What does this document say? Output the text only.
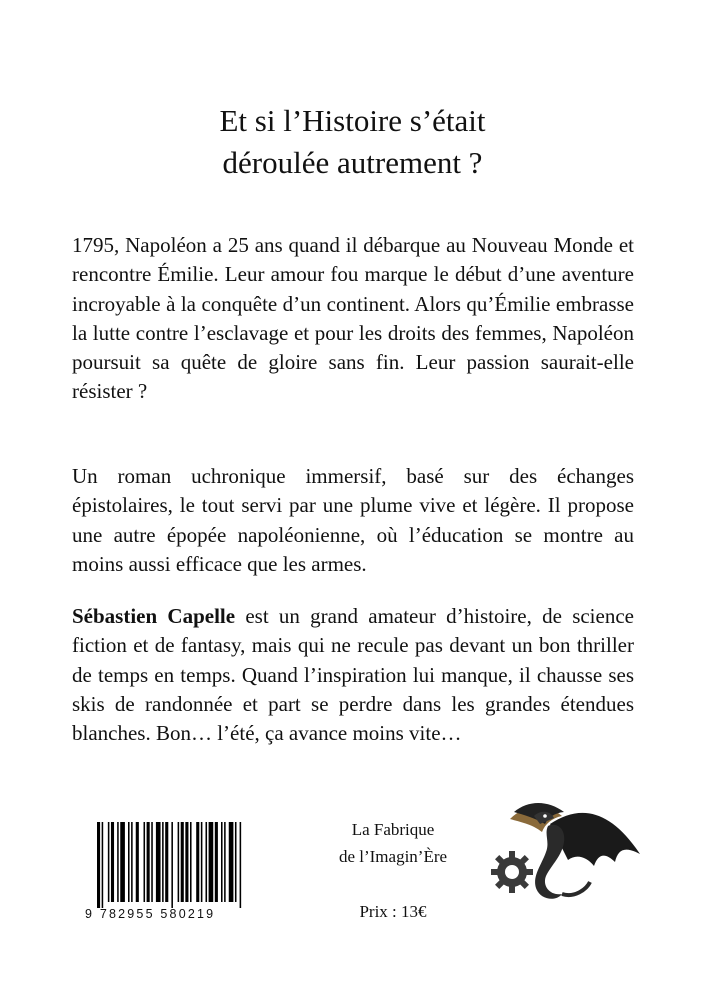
Et si l’Histoire s’était
déroulée autrement ?

1795, Napoléon a 25 ans quand il débarque au Nouveau Monde et rencontre Émilie. Leur amour fou marque le début d’une aventure incroyable à la conquête d’un continent. Alors qu’Émilie embrasse la lutte contre l’esclavage et pour les droits des femmes, Napoléon poursuit sa quête de gloire sans fin. Leur passion saurait-elle résister ?

Un roman uchronique immersif, basé sur des échanges épistolaires, le tout servi par une plume vive et légère. Il propose une autre épopée napoléonienne, où l’éducation se montre au moins aussi efficace que les armes.

Sébastien Capelle est un grand amateur d’histoire, de science fiction et de fantasy, mais qui ne recule pas devant un bon thriller de temps en temps. Quand l’inspiration lui manque, il chausse ses skis de randonnée et part se perdre dans les grandes étendues blanches. Bon… l’été, ça avance moins vite…

9 782955 580219
La Fabrique
de l’Imagin’Ère
Prix : 13€
